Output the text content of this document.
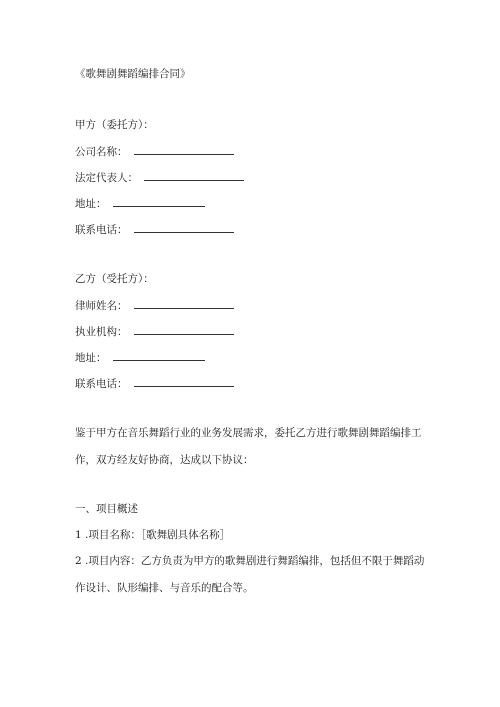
《歌舞剧舞蹈编排合同》
甲方（委托方）：
公司名称：
法定代表人：
地址：
联系电话：
乙方（受托方）：
律师姓名：
执业机构：
地址：
联系电话：
鉴于甲方在音乐舞蹈行业的业务发展需求，委托乙方进行歌舞剧舞蹈编排工
作，双方经友好协商，达成以下协议：
一、项目概述
1 .项目名称：［歌舞剧具体名称］
2 .项目内容：乙方负责为甲方的歌舞剧进行舞蹈编排，包括但不限于舞蹈动
作设计、队形编排、与音乐的配合等。
